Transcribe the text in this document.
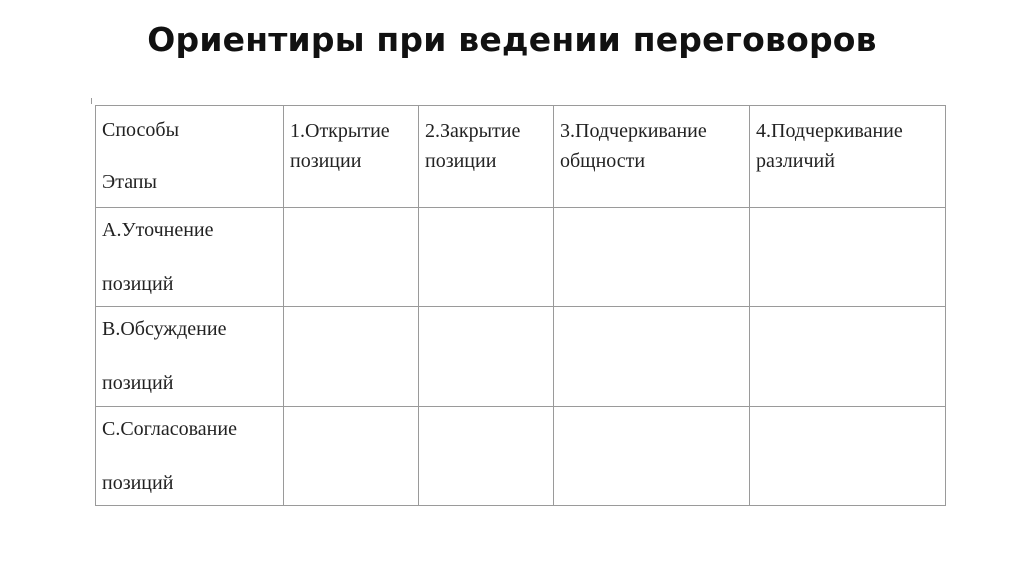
Ориентиры при ведении переговоров
Способы
Этапы	1.Открытие позиции	2.Закрытие позиции	3.Подчеркивание общности	4.Подчеркивание различий

А.Уточнение
позиций				

В.Обсуждение
позиций				

С.Согласование
позиций				
